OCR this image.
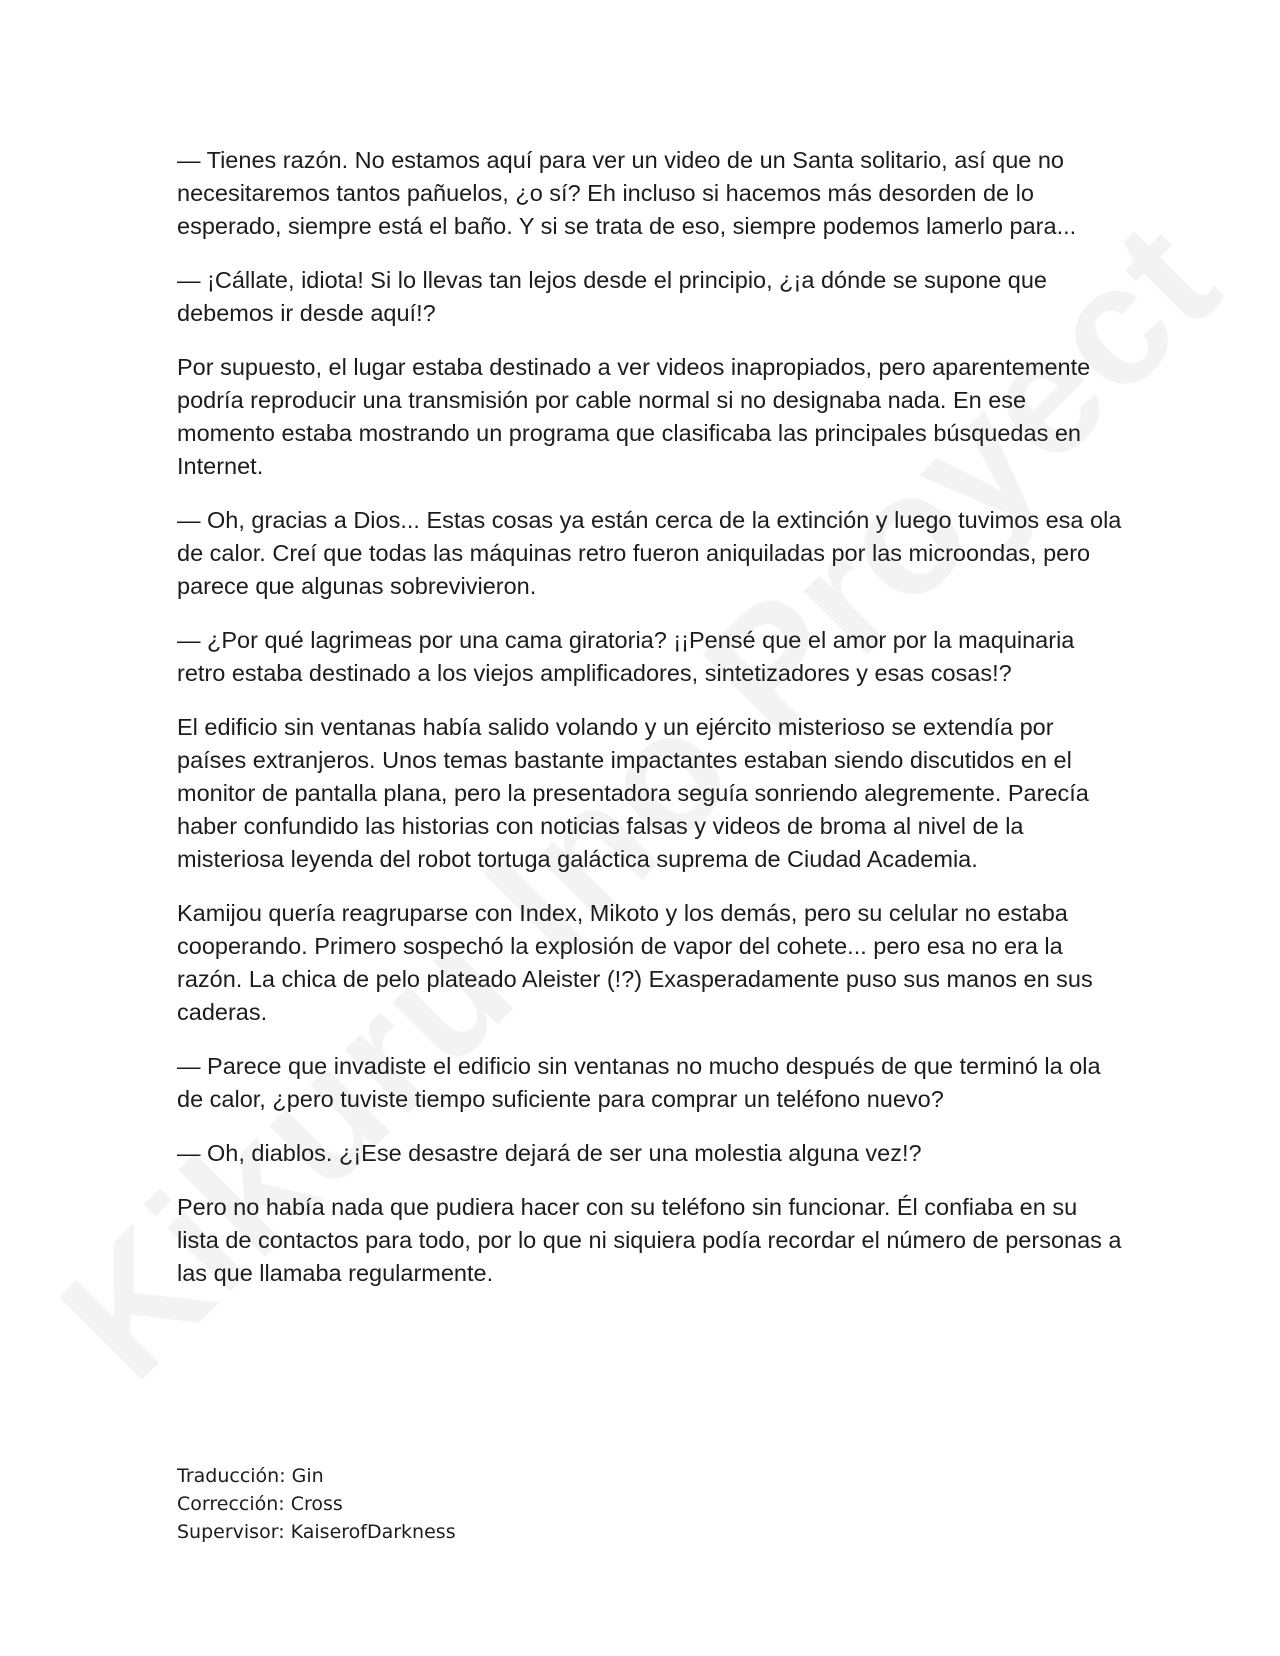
— Tienes razón. No estamos aquí para ver un video de un Santa solitario, así que no necesitaremos tantos pañuelos, ¿o sí? Eh incluso si hacemos más desorden de lo esperado, siempre está el baño. Y si se trata de eso, siempre podemos lamerlo para...

— ¡Cállate, idiota! Si lo llevas tan lejos desde el principio, ¿¡a dónde se supone que debemos ir desde aquí!?

Por supuesto, el lugar estaba destinado a ver videos inapropiados, pero aparentemente podría reproducir una transmisión por cable normal si no designaba nada. En ese momento estaba mostrando un programa que clasificaba las principales búsquedas en Internet.

— Oh, gracias a Dios... Estas cosas ya están cerca de la extinción y luego tuvimos esa ola de calor. Creí que todas las máquinas retro fueron aniquiladas por las microondas, pero parece que algunas sobrevivieron.

— ¿Por qué lagrimeas por una cama giratoria? ¡¡Pensé que el amor por la maquinaria retro estaba destinado a los viejos amplificadores, sintetizadores y esas cosas!?

El edificio sin ventanas había salido volando y un ejército misterioso se extendía por países extranjeros. Unos temas bastante impactantes estaban siendo discutidos en el monitor de pantalla plana, pero la presentadora seguía sonriendo alegremente. Parecía haber confundido las historias con noticias falsas y videos de broma al nivel de la misteriosa leyenda del robot tortuga galáctica suprema de Ciudad Academia.

Kamijou quería reagruparse con Index, Mikoto y los demás, pero su celular no estaba cooperando. Primero sospechó la explosión de vapor del cohete... pero esa no era la razón. La chica de pelo plateado Aleister (!?) Exasperadamente puso sus manos en sus caderas.

— Parece que invadiste el edificio sin ventanas no mucho después de que terminó la ola de calor, ¿pero tuviste tiempo suficiente para comprar un teléfono nuevo?

— Oh, diablos. ¿¡Ese desastre dejará de ser una molestia alguna vez!?

Pero no había nada que pudiera hacer con su teléfono sin funcionar. Él confiaba en su lista de contactos para todo, por lo que ni siquiera podía recordar el número de personas a las que llamaba regularmente.

Traducción: Gin
Corrección: Cross
Supervisor: KaiserofDarkness
